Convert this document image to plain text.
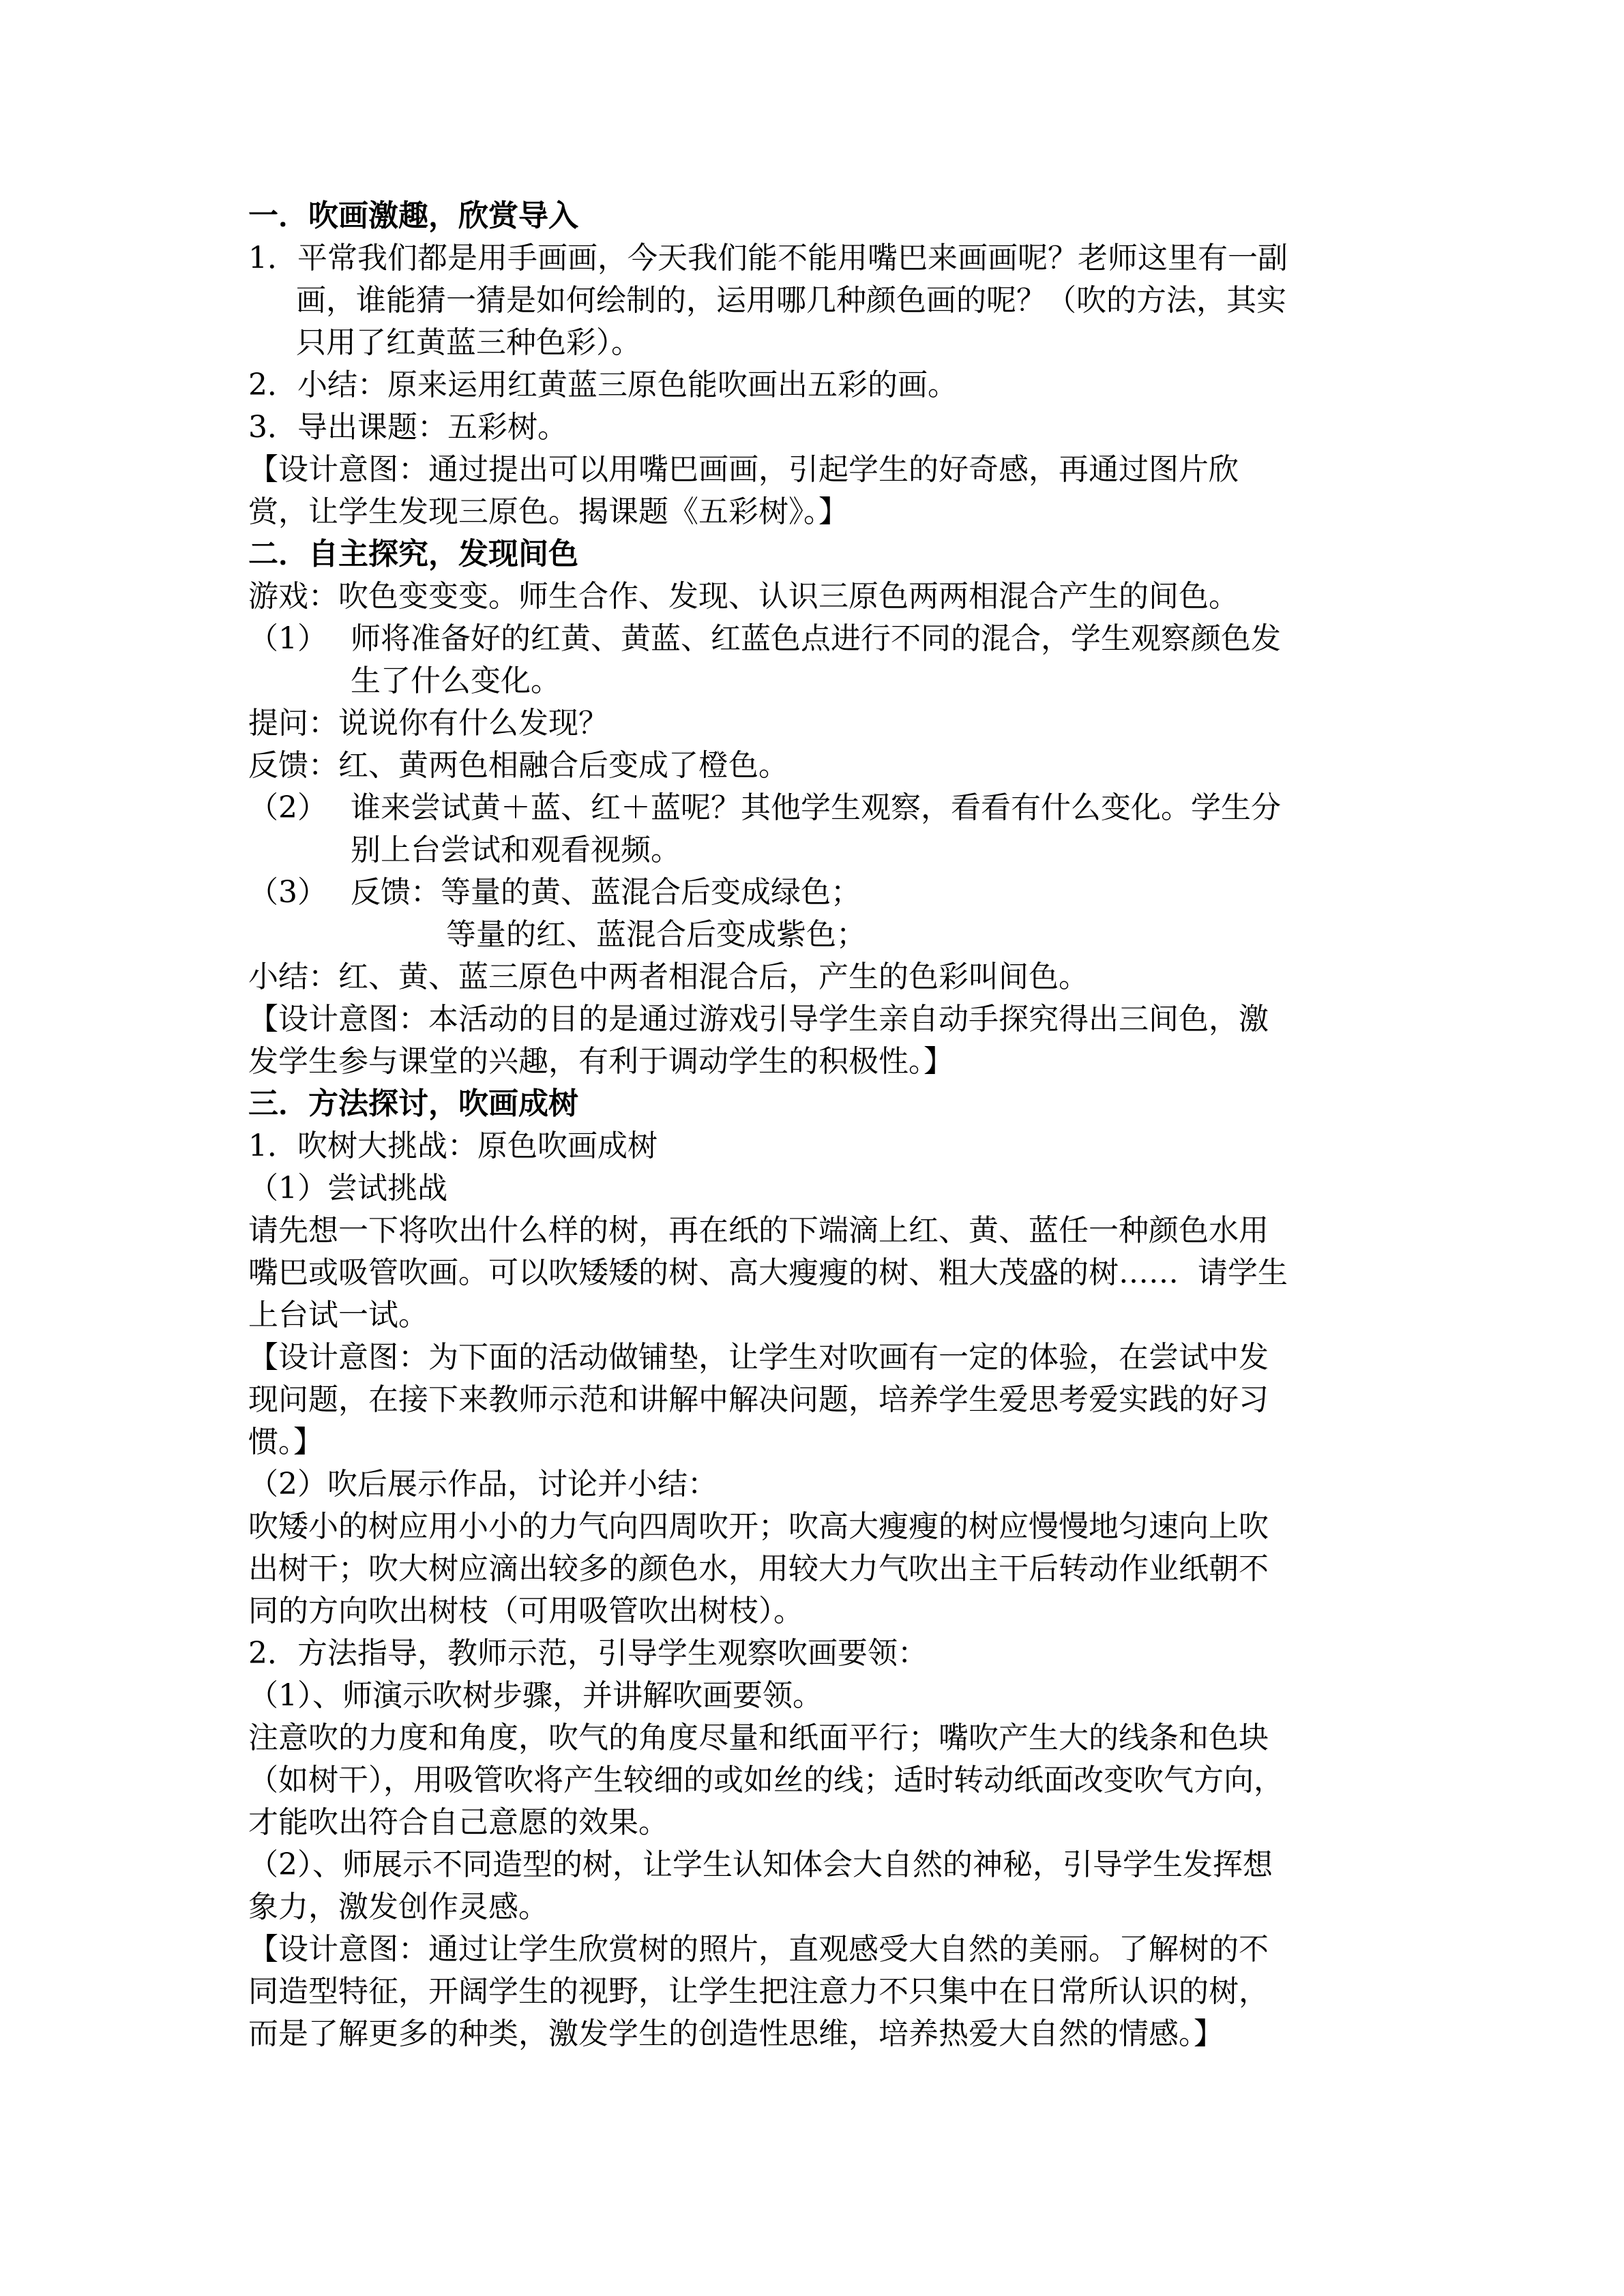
一．吹画激趣，欣赏导入
1．平常我们都是用手画画，今天我们能不能用嘴巴来画画呢？老师这里有一副
画，谁能猜一猜是如何绘制的，运用哪几种颜色画的呢？（吹的方法，其实
只用了红黄蓝三种色彩）。
2．小结：原来运用红黄蓝三原色能吹画出五彩的画。
3．导出课题：五彩树。
【设计意图：通过提出可以用嘴巴画画，引起学生的好奇感，再通过图片欣
赏，让学生发现三原色。揭课题《五彩树》。】
二．自主探究，发现间色
游戏：吹色变变变。师生合作、发现、认识三原色两两相混合产生的间色。
（1） 师将准备好的红黄、黄蓝、红蓝色点进行不同的混合，学生观察颜色发
生了什么变化。
提问：说说你有什么发现？
反馈：红、黄两色相融合后变成了橙色。
（2） 谁来尝试黄＋蓝、红＋蓝呢？其他学生观察，看看有什么变化。学生分
别上台尝试和观看视频。
（3） 反馈：等量的黄、蓝混合后变成绿色；
等量的红、蓝混合后变成紫色；
小结：红、黄、蓝三原色中两者相混合后，产生的色彩叫间色。
【设计意图：本活动的目的是通过游戏引导学生亲自动手探究得出三间色，激
发学生参与课堂的兴趣，有利于调动学生的积极性。】
三．方法探讨，吹画成树
1．吹树大挑战：原色吹画成树
（1）尝试挑战
请先想一下将吹出什么样的树，再在纸的下端滴上红、黄、蓝任一种颜色水用
嘴巴或吸管吹画。可以吹矮矮的树、高大瘦瘦的树、粗大茂盛的树……  请学生
上台试一试。
【设计意图：为下面的活动做铺垫，让学生对吹画有一定的体验，在尝试中发
现问题，在接下来教师示范和讲解中解决问题，培养学生爱思考爱实践的好习
惯。】
（2）吹后展示作品，讨论并小结：
吹矮小的树应用小小的力气向四周吹开；吹高大瘦瘦的树应慢慢地匀速向上吹
出树干；吹大树应滴出较多的颜色水，用较大力气吹出主干后转动作业纸朝不
同的方向吹出树枝（可用吸管吹出树枝）。
2．方法指导，教师示范，引导学生观察吹画要领：
（1）、师演示吹树步骤，并讲解吹画要领。
注意吹的力度和角度，吹气的角度尽量和纸面平行；嘴吹产生大的线条和色块
（如树干），用吸管吹将产生较细的或如丝的线；适时转动纸面改变吹气方向，
才能吹出符合自己意愿的效果。
（2）、师展示不同造型的树，让学生认知体会大自然的神秘，引导学生发挥想
象力，激发创作灵感。
【设计意图：通过让学生欣赏树的照片，直观感受大自然的美丽。了解树的不
同造型特征，开阔学生的视野，让学生把注意力不只集中在日常所认识的树，
而是了解更多的种类，激发学生的创造性思维，培养热爱大自然的情感。】
